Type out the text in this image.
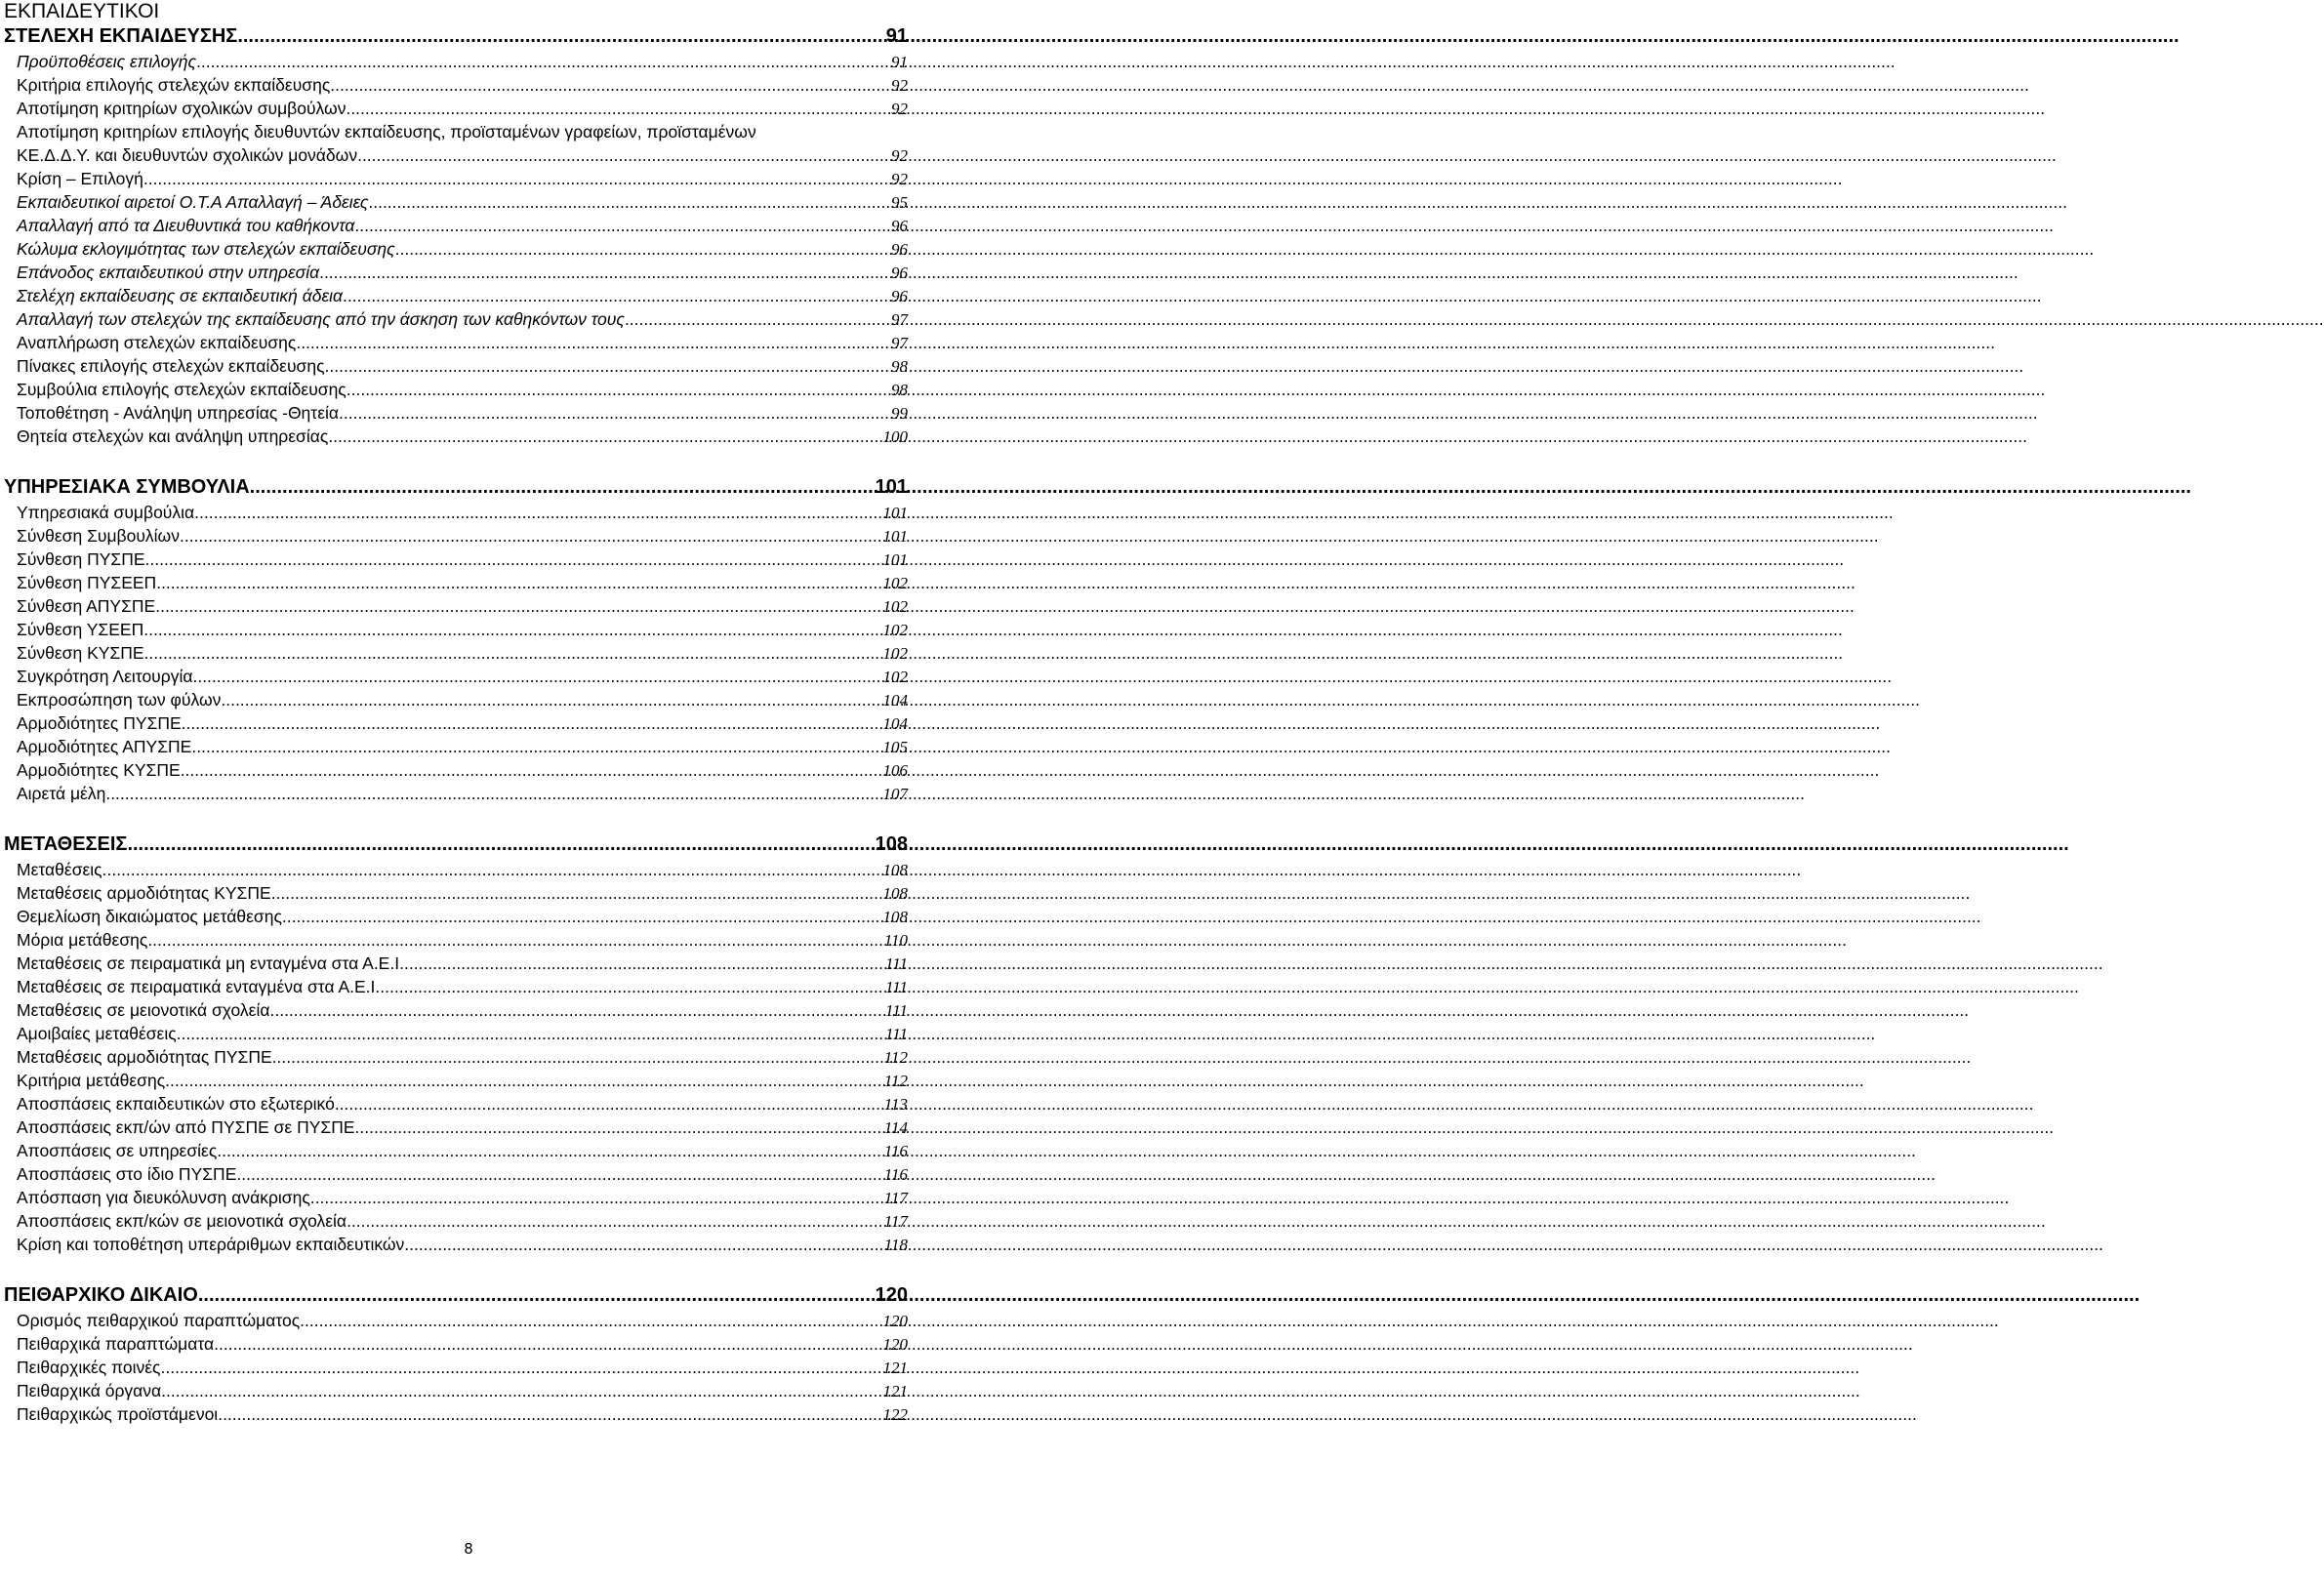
ΕΚΠΑΙΔΕΥΤΙΚΟΙ
ΣΤΕΛΕΧΗ ΕΚΠΑΙΔΕΥΣΗΣ .....	91
Προϋποθέσεις επιλογής .....	91
Κριτήρια επιλογής στελεχών εκπαίδευσης .....	92
Αποτίμηση κριτηρίων σχολικών συμβούλων .....	92
Αποτίμηση κριτηρίων επιλογής διευθυντών εκπαίδευσης, προϊσταμένων γραφείων, προϊσταμένων
ΚΕ.Δ.Δ.Υ. και διευθυντών σχολικών μονάδων .....	92
Κρίση – Επιλογή .....	92
Εκπαιδευτικοί αιρετοί Ο.Τ.Α Απαλλαγή – Άδειες .....	95
Απαλλαγή από τα Διευθυντικά του καθήκοντα .....	96
Κώλυμα εκλογιμότητας των στελεχών εκπαίδευσης .....	96
Επάνοδος εκπαιδευτικού στην υπηρεσία .....	96
Στελέχη εκπαίδευσης σε εκπαιδευτική άδεια .....	96
Απαλλαγή των στελεχών της εκπαίδευσης από την άσκηση των καθηκόντων τους .....	97
Αναπλήρωση στελεχών εκπαίδευσης .....	97
Πίνακες επιλογής στελεχών εκπαίδευσης .....	98
Συμβούλια επιλογής στελεχών εκπαίδευσης .....	98
Τοποθέτηση - Ανάληψη υπηρεσίας -Θητεία .....	99
Θητεία στελεχών και ανάληψη υπηρεσίας .....	100
ΥΠΗΡΕΣΙΑΚΑ ΣΥΜΒΟΥΛΙΑ .....	101
Υπηρεσιακά συμβούλια .....	101
Σύνθεση Συμβουλίων .....	101
Σύνθεση ΠΥΣΠΕ .....	101
Σύνθεση ΠΥΣΕΕΠ .....	102
Σύνθεση ΑΠΥΣΠΕ .....	102
Σύνθεση ΥΣΕΕΠ .....	102
Σύνθεση ΚΥΣΠΕ .....	102
Συγκρότηση Λειτουργία .....	102
Εκπροσώπηση των φύλων .....	104
Αρμοδιότητες ΠΥΣΠΕ .....	104
Αρμοδιότητες ΑΠΥΣΠΕ .....	105
Αρμοδιότητες ΚΥΣΠΕ .....	106
Αιρετά μέλη .....	107
ΜΕΤΑΘΕΣΕΙΣ .....	108
Μεταθέσεις .....	108
Μεταθέσεις αρμοδιότητας ΚΥΣΠΕ .....	108
Θεμελίωση δικαιώματος μετάθεσης .....	108
Μόρια μετάθεσης .....	110
Μεταθέσεις σε πειραματικά μη ενταγμένα στα Α.Ε.Ι. .....	111
Μεταθέσεις σε πειραματικά ενταγμένα στα Α.Ε.Ι. .....	111
Μεταθέσεις σε μειονοτικά σχολεία .....	111
Αμοιβαίες μεταθέσεις .....	111
Μεταθέσεις αρμοδιότητας ΠΥΣΠΕ .....	112
Κριτήρια μετάθεσης .....	112
Αποσπάσεις εκπαιδευτικών στο εξωτερικό .....	113
Αποσπάσεις εκπ/ών από ΠΥΣΠΕ σε ΠΥΣΠΕ .....	114
Αποσπάσεις σε υπηρεσίες .....	116
Αποσπάσεις στο ίδιο ΠΥΣΠΕ .....	116
Απόσπαση για διευκόλυνση ανάκρισης .....	117
Αποσπάσεις εκπ/κών σε μειονοτικά σχολεία .....	117
Κρίση και τοποθέτηση υπεράριθμων εκπαιδευτικών .....	118
ΠΕΙΘΑΡΧΙΚΟ ΔΙΚΑΙΟ .....	120
Ορισμός πειθαρχικού παραπτώματος .....	120
Πειθαρχικά παραπτώματα .....	120
Πειθαρχικές ποινές .....	121
Πειθαρχικά όργανα .....	121
Πειθαρχικώς προϊστάμενοι .....	122
8
